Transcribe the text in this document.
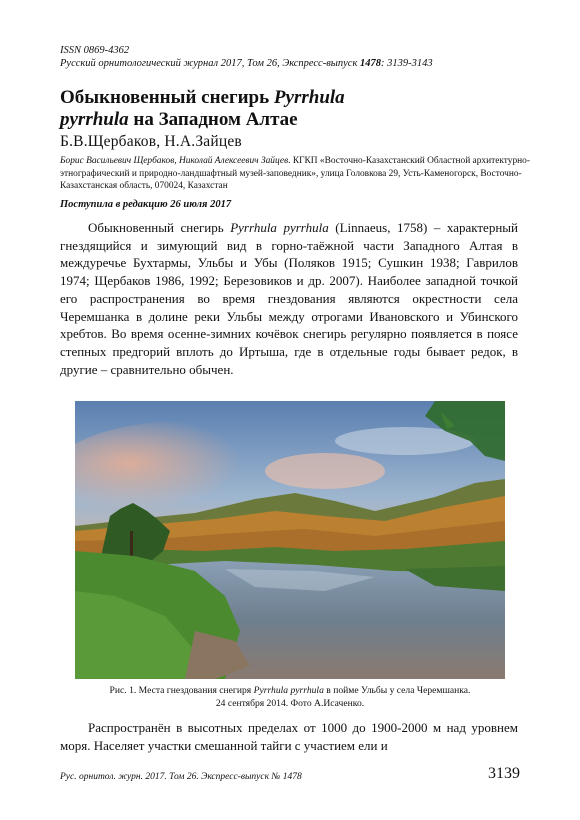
ISSN 0869-4362
Русский орнитологический журнал 2017, Том 26, Экспресс-выпуск 1478: 3139-3143
Обыкновенный снегирь Pyrrhula
pyrrhula на Западном Алтае
Б.В.Щербаков, Н.А.Зайцев
Борис Васильевич Щербаков, Николай Алексеевич Зайцев. КГКП «Восточно-Казахстанский Областной архитектурно-этнографический и природно-ландшафтный музей-заповедник», улица Головкова 29, Усть-Каменогорск, Восточно-Казахстанская область, 070024, Казахстан
Поступила в редакцию 26 июля 2017

Обыкновенный снегирь Pyrrhula pyrrhula (Linnaeus, 1758) – характерный гнездящийся и зимующий вид в горно-таёжной части Западного Алтая в междуречье Бухтармы, Ульбы и Убы (Поляков 1915; Сушкин 1938; Гаврилов 1974; Щербаков 1986, 1992; Березовиков и др. 2007). Наиболее западной точкой его распространения во время гнездования являются окрестности села Черемшанка в долине реки Ульбы между отрогами Ивановского и Убинского хребтов. Во время осенне-зимних кочёвок снегирь регулярно появляется в поясе степных предгорий вплоть до Иртыша, где в отдельные годы бывает редок, в другие – сравнительно обычен.

Рис. 1. Места гнездования снегиря Pyrrhula pyrrhula в пойме Ульбы у села Черемшанка.
24 сентября 2014. Фото А.Исаченко.

Распространён в высотных пределах от 1000 до 1900-2000 м над уровнем моря. Населяет участки смешанной тайги с участием ели и

Рус. орнитол. журн. 2017. Том 26. Экспресс-выпуск № 1478	3139
